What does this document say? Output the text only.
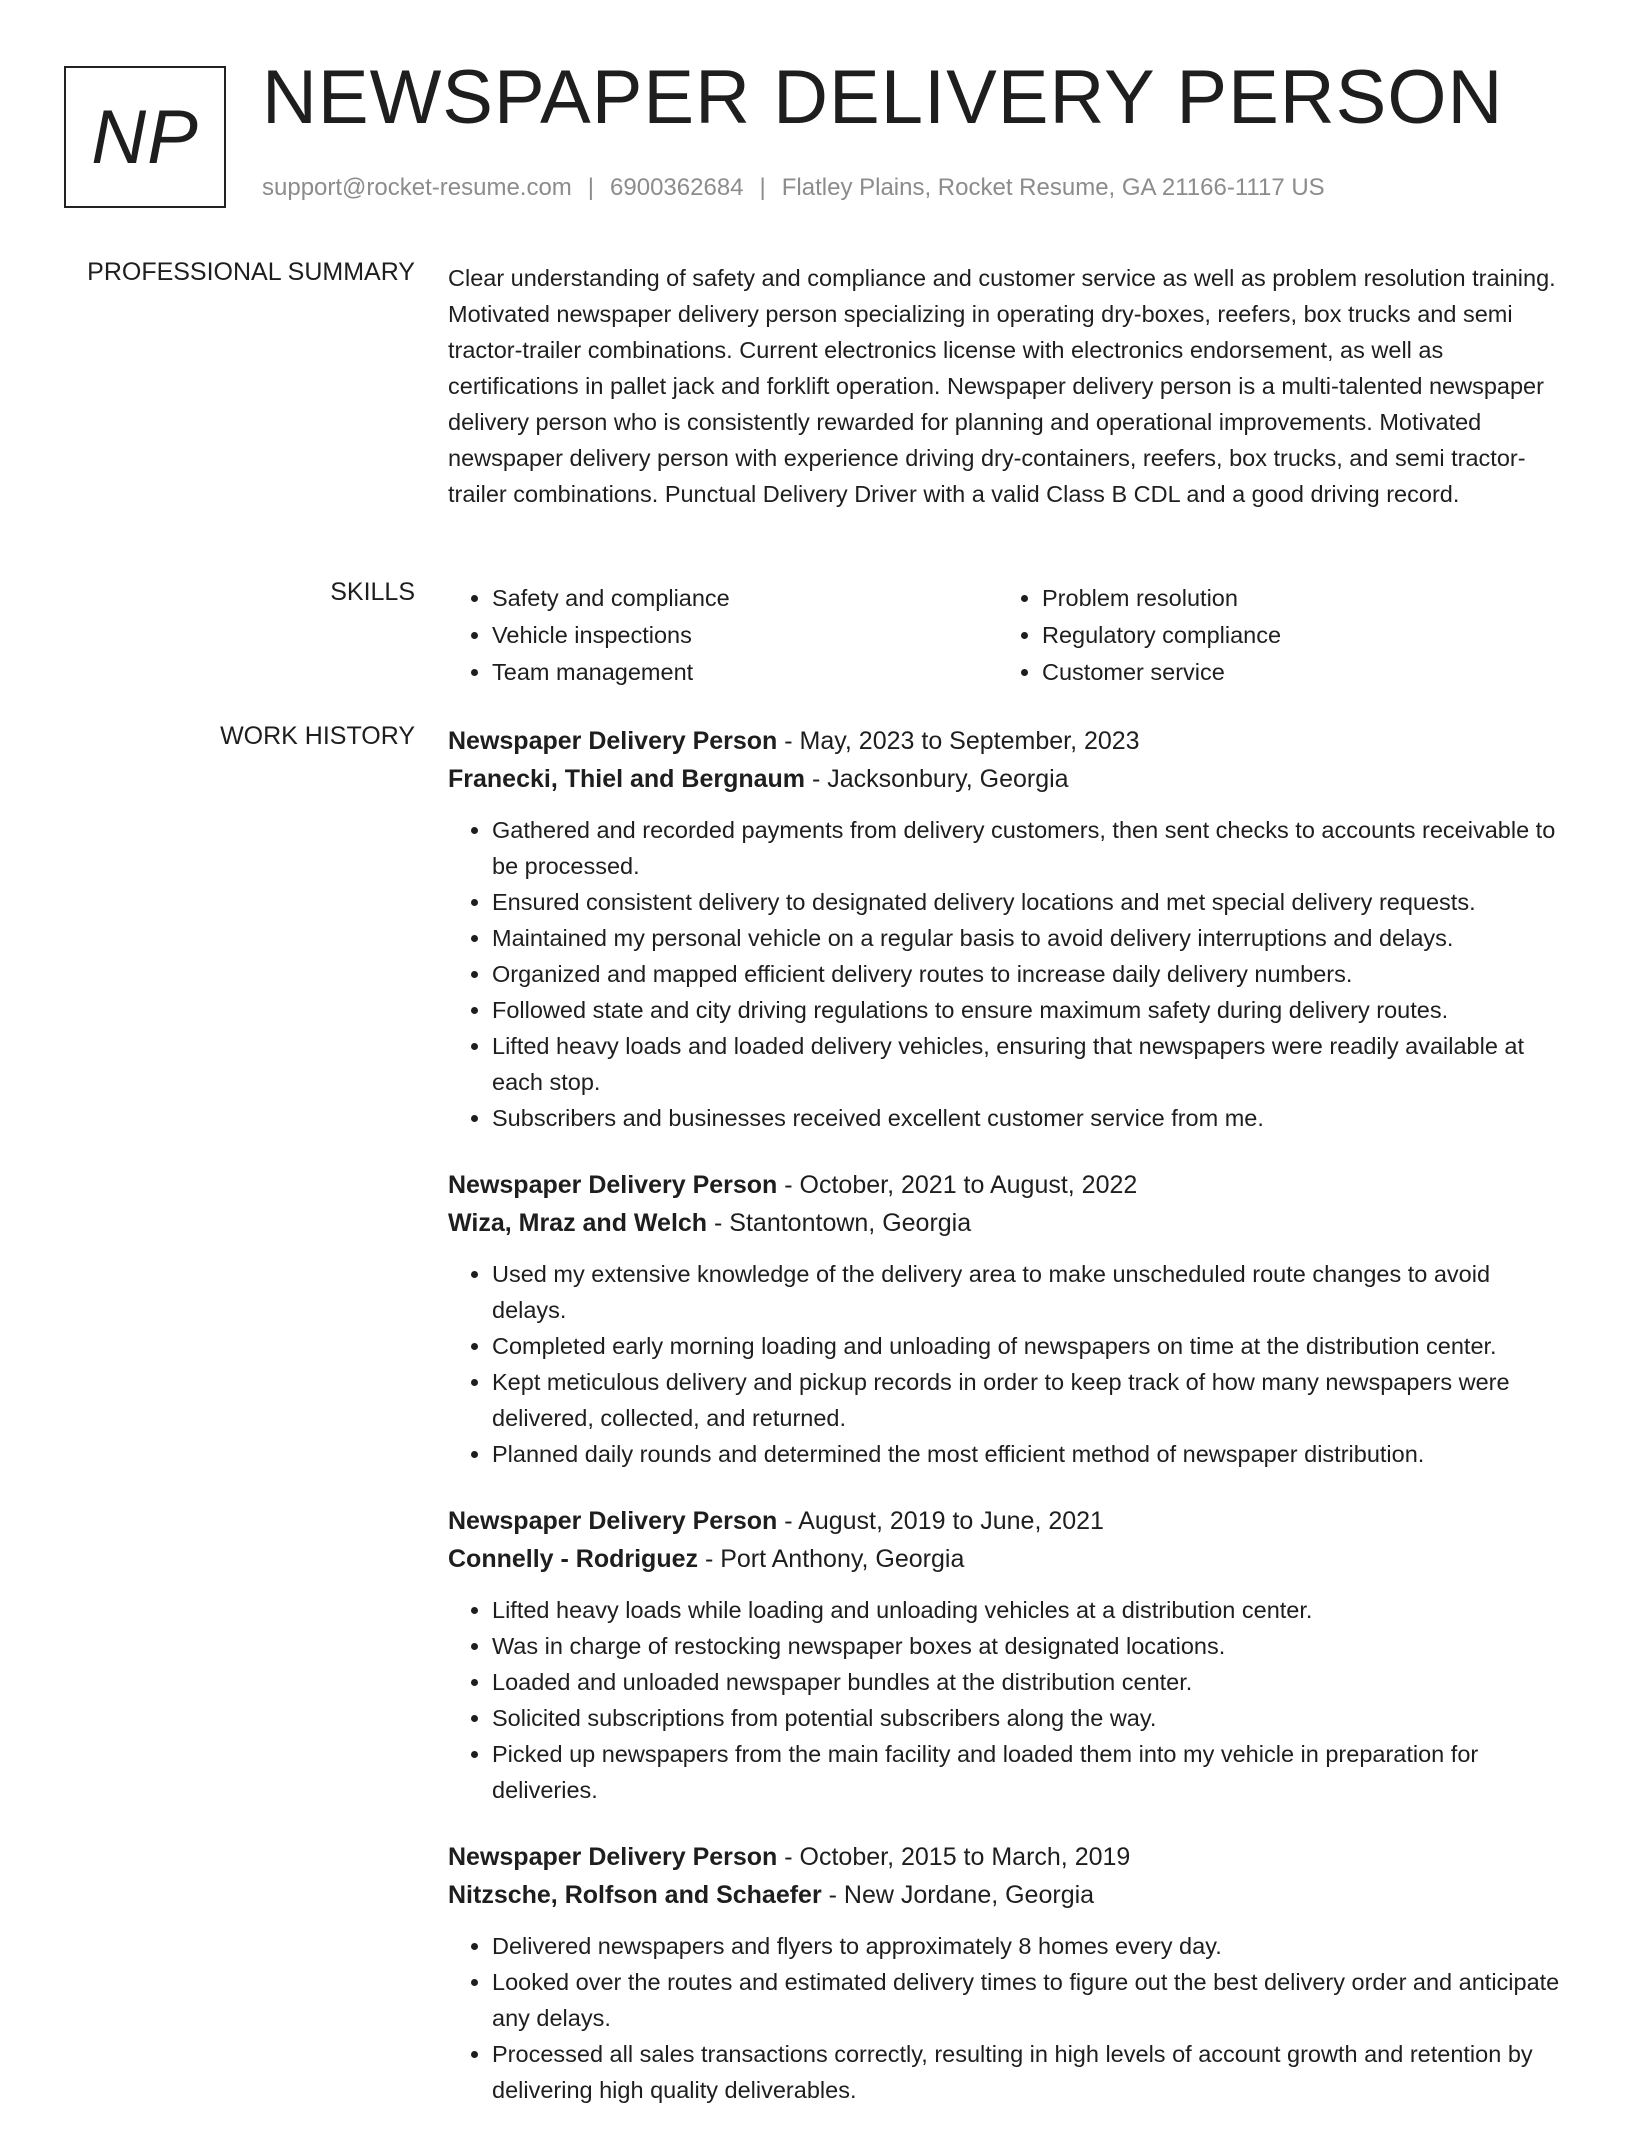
NP NEWSPAPER DELIVERY PERSON
support@rocket-resume.com | 6900362684 | Flatley Plains, Rocket Resume, GA 21166-1117 US
PROFESSIONAL SUMMARY Clear understanding of safety and compliance and customer service as well as problem resolution training. Motivated newspaper delivery person specializing in operating dry-boxes, reefers, box trucks and semi tractor-trailer combinations. Current electronics license with electronics endorsement, as well as certifications in pallet jack and forklift operation. Newspaper delivery person is a multi-talented newspaper delivery person who is consistently rewarded for planning and operational improvements. Motivated newspaper delivery person with experience driving dry-containers, reefers, box trucks, and semi tractor-trailer combinations. Punctual Delivery Driver with a valid Class B CDL and a good driving record.
SKILLS
•	Safety and compliance
• Vehicle inspections
• Team management
• Problem resolution
• Regulatory compliance
• Customer service
WORK HISTORY Newspaper Delivery Person - May, 2023 to September, 2023
Franecki, Thiel and Bergnaum - Jacksonbury, Georgia
• Gathered and recorded payments from delivery customers, then sent checks to accounts receivable to be processed.
• Ensured consistent delivery to designated delivery locations and met special delivery requests.
• Maintained my personal vehicle on a regular basis to avoid delivery interruptions and delays.
• Organized and mapped efficient delivery routes to increase daily delivery numbers.
• Followed state and city driving regulations to ensure maximum safety during delivery routes.
• Lifted heavy loads and loaded delivery vehicles, ensuring that newspapers were readily available at each stop.
• Subscribers and businesses received excellent customer service from me.
Newspaper Delivery Person - October, 2021 to August, 2022
Wiza, Mraz and Welch - Stantontown, Georgia
• Used my extensive knowledge of the delivery area to make unscheduled route changes to avoid delays.
• Completed early morning loading and unloading of newspapers on time at the distribution center.
• Kept meticulous delivery and pickup records in order to keep track of how many newspapers were delivered, collected, and returned.
• Planned daily rounds and determined the most efficient method of newspaper distribution.
Newspaper Delivery Person - August, 2019 to June, 2021
Connelly - Rodriguez - Port Anthony, Georgia
• Lifted heavy loads while loading and unloading vehicles at a distribution center.
• Was in charge of restocking newspaper boxes at designated locations.
• Loaded and unloaded newspaper bundles at the distribution center.
• Solicited subscriptions from potential subscribers along the way.
• Picked up newspapers from the main facility and loaded them into my vehicle in preparation for deliveries.
Newspaper Delivery Person - October, 2015 to March, 2019
Nitzsche, Rolfson and Schaefer - New Jordane, Georgia
• Delivered newspapers and flyers to approximately 8 homes every day.
• Looked over the routes and estimated delivery times to figure out the best delivery order and anticipate any delays.
• Processed all sales transactions correctly, resulting in high levels of account growth and retention by delivering high quality deliverables.
